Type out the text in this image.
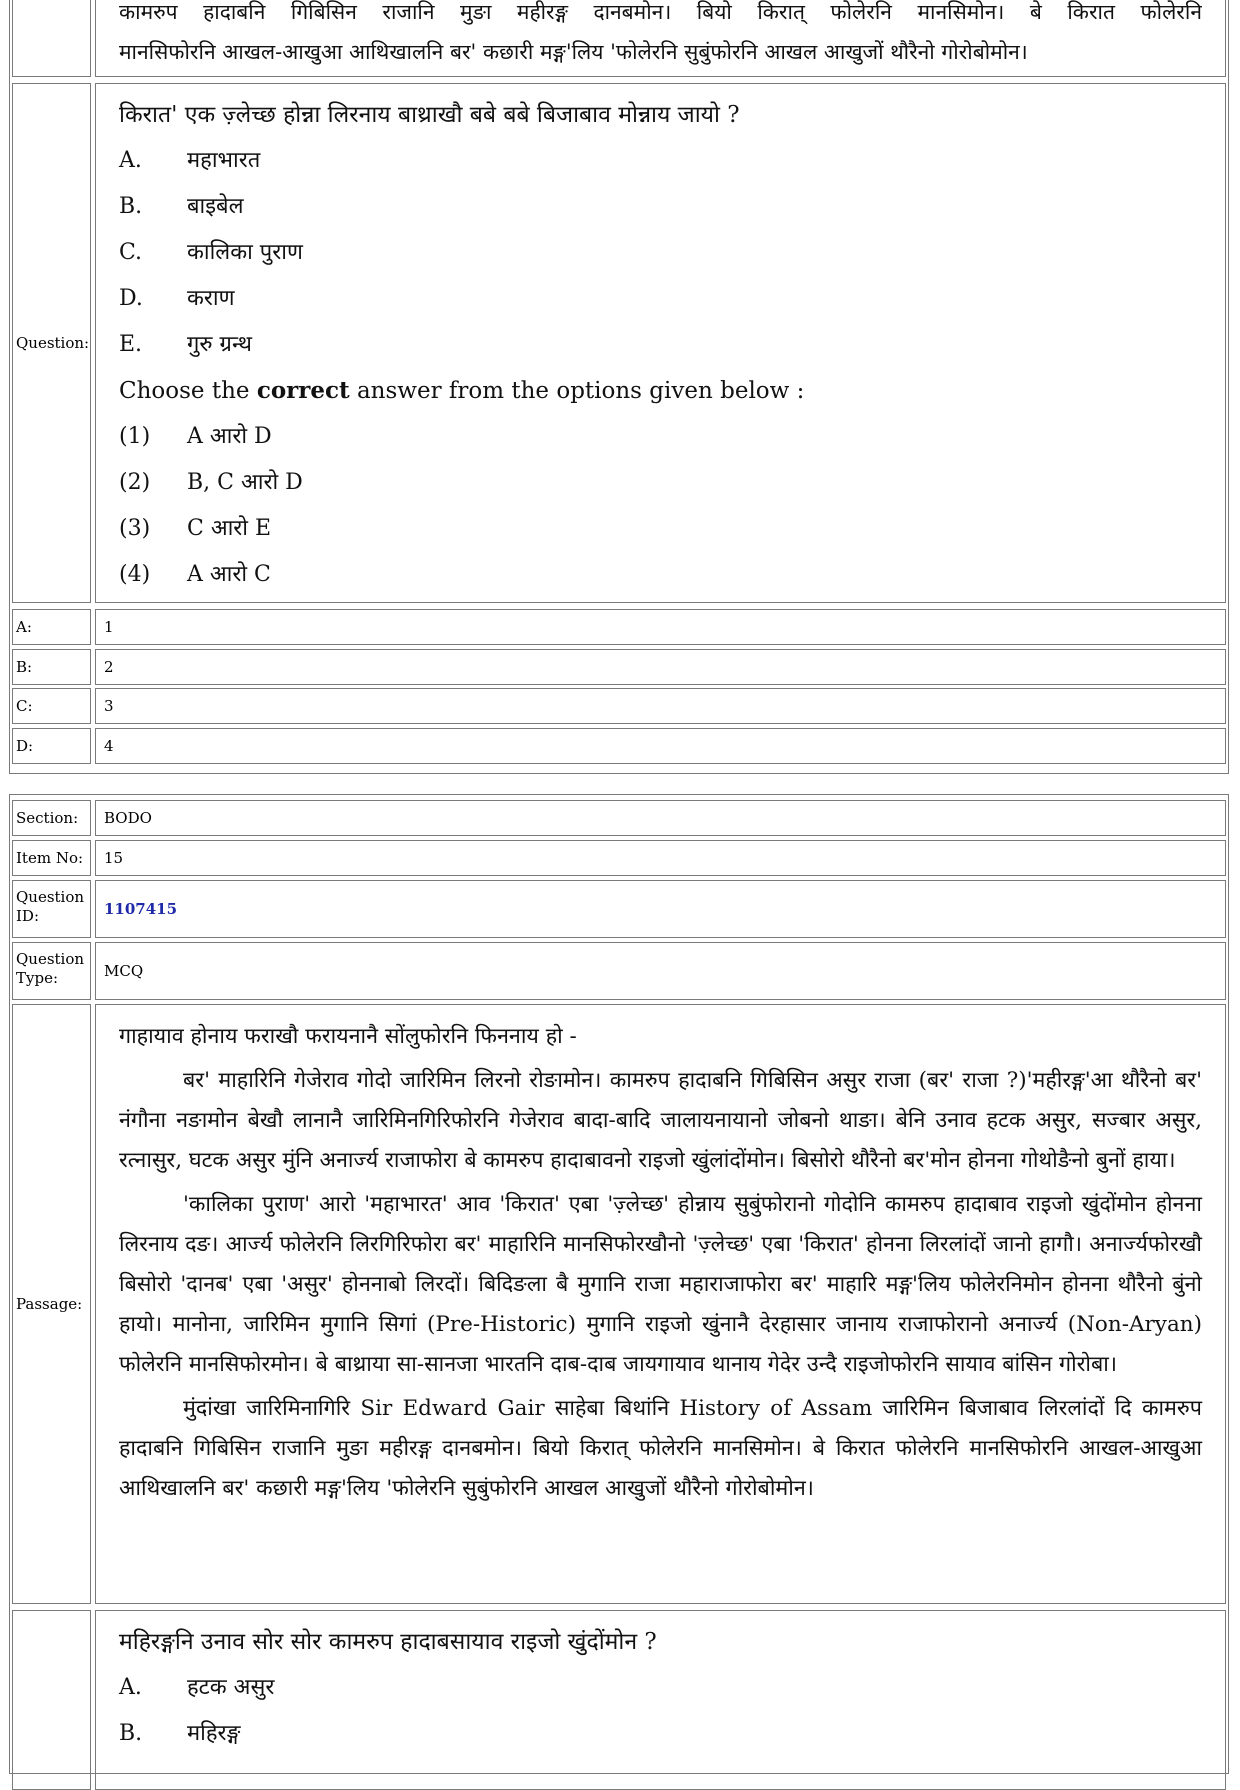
कामरुप हादाबनि गिबिसिन राजानि मुङा महीरङ्ग दानबमोन। बियो किरात् फोलेरनि मानसिमोन। बे किरात फोलेरनि

मानसिफोरनि आखल-आखुआ आथिखालनि बर' कछारी मङ्ग'लिय 'फोलेरनि सुबुंफोरनि आखल आखुजों थाैरैनो गोरोबोमोन।

Question:
किरात' एक ज़्लेच्छ होन्ना लिरनाय बाथ्राखौ बबे बबे बिजाबाव मोन्नाय जायो ?
A.	महाभारत
B.	बाइबेल
C.	कालिका पुराण
D.	कराण
E.	गुरु ग्रन्थ
Choose the correct answer from the options given below :
(1)	A आरो D
(2)	B, C आरो D
(3)	C आरो E
(4)	A आरो C
A:	1
B:	2
C:	3
D:	4
Section: BODO
Item No: 15
Question
ID:	1107415
Question
Type:	MCQ
Passage:

गाहायाव होनाय फराखौ फरायनानै सोंलुफोरनि फिननाय हो -

बर' माहारिनि गेजेराव गोदो जारिमिन लिरनो रोङामोन। कामरुप हादाबनि गिबिसिन असुर राजा (बर' राजा ?)'महीरङ्ग'आ थाैरैनो बर' नंगौना नङामोन बेखौ लानानै जारिमिनगिरिफोरनि गेजेराव बादा-बादि जालायनायानो जोबनो थाङा। बेनि उनाव हटक असुर, सज्बार असुर, रत्नासुर, घटक असुर मुंनि अनार्ज्य राजाफोरा बे कामरुप हादाबावनो राइजो खुंलांदोंमोन। बिसोरो थाैरैनो बर'मोन होनना गोथोङैनो बुनों हाया।

'कालिका पुराण' आरो 'महाभारत' आव 'किरात' एबा 'ज़्लेच्छ' होन्नाय सुबुंफोरानो गोदोनि कामरुप हादाबाव राइजो खुंदोंमोन होनना लिरनाय दङ। आर्ज्य फोलेरनि लिरगिरिफोरा बर' माहारिनि मानसिफोरखौनो 'ज़्लेच्छ' एबा 'किरात' होनना लिरलांदों जानो हागौ। अनार्ज्यफोरखौ बिसोरो 'दानब' एबा 'असुर' होननाबो लिरदों। बिदिङला बै मुगानि राजा महाराजाफोरा बर' माहारि मङ्ग'लिय फोलेरनिमोन होनना थाैरैनो बुंनो हायो। मानोना, जारिमिन मुगानि सिगां (Pre-Historic) मुगानि राइजो खुंनानै देरहासार जानाय राजाफोरानो अनार्ज्य (Non-Aryan) फोलेरनि मानसिफोरमोन। बे बाथ्राया सा-सानजा भारतनि दाब-दाब जायगायाव थानाय गेदेर उन्दै राइजोफोरनि सायाव बांसिन गोरोबा।

मुंदांखा जारिमिनागिरि Sir Edward Gair साहेबा बिथांनि History of Assam जारिमिन बिजाबाव लिरलांदों दि कामरुप हादाबनि गिबिसिन राजानि मुङा महीरङ्ग दानबमोन। बियो किरात् फोलेरनि मानसिमोन। बे किरात फोलेरनि मानसिफोरनि आखल-आखुआ आथिखालनि बर' कछारी मङ्ग'लिय 'फोलेरनि सुबुंफोरनि आखल आखुजों थाैरैनो गोरोबोमोन।

महिरङ्गनि उनाव सोर सोर कामरुप हादाबसायाव राइजो खुंदोंमोन ?
A.	हटक असुर
B.	महिरङ्ग
